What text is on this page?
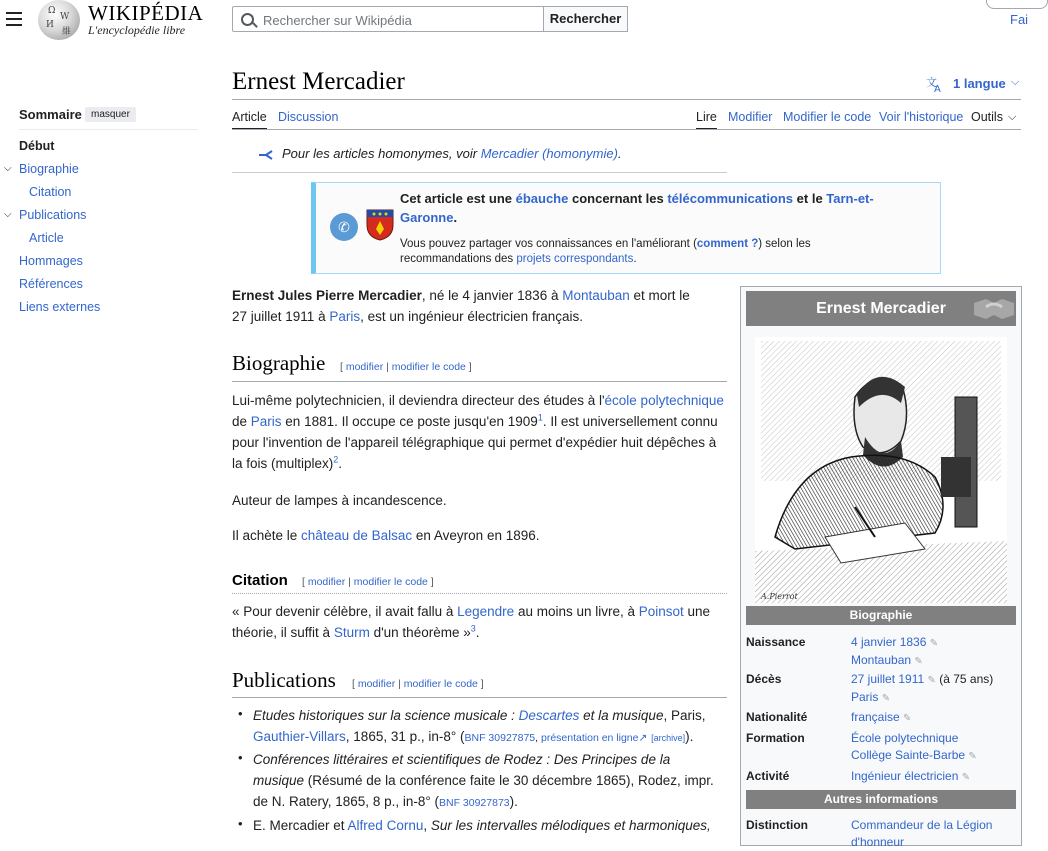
Ω
W
И
維
WIKIPÉDIA
L'encyclopédie libre
Rechercher sur Wikipédia
Rechercher	Fai
Sommaire masquer
Début
⌵ Biographie
Citation
⌵ Publications
Article
Hommages
Références
Liens externes
Ernest Mercadier	文
A 1 langue ⌵
Article Discussion	Lire Modifier Modifier le code Voir l'historique Outils ⌵
Pour les articles homonymes, voir Mercadier (homonymie).
✆
Cet article est une ébauche concernant les télécommunications et le Tarn-et-Garonne.
Vous pouvez partager vos connaissances en l'améliorant (comment ?) selon les recommandations des projets correspondants.
Ernest Jules Pierre Mercadier, né le 4 janvier 1836 à Montauban et mort le 27 juillet 1911 à Paris, est un ingénieur électricien français.
Biographie [ modifier | modifier le code ]
Lui-même polytechnicien, il deviendra directeur des études à l'école polytechnique de Paris en 1881. Il occupe ce poste jusqu'en 1909$^1$. Il est universellement connu pour l'invention de l'appareil télégraphique qui permet d'expédier huit dépêches à la fois (multiplex)$^2$.
Auteur de lampes à incandescence.
Il achète le château de Balsac en Aveyron en 1896.
Citation [ modifier | modifier le code ]
« Pour devenir célèbre, il avait fallu à Legendre au moins un livre, à Poinsot une théorie, il suffit à Sturm d'un théorème »$^3$.
Publications [ modifier | modifier le code ]
• Etudes historiques sur la science musicale : Descartes et la musique, Paris, Gauthier-Villars, 1865, 31 p., in-8° (BNF 30927875, présentation en ligne↗ [archive]).
• Conférences littéraires et scientifiques de Rodez : Des Principes de la musique (Résumé de la conférence faite le 30 décembre 1865), Rodez, impr. de N. Ratery, 1865, 8 p., in-8° (BNF 30927873).
• E. Mercadier et Alfred Cornu, Sur les intervalles mélodiques et harmoniques,
Ernest Mercadier
A.Pierrot
Biographie
Naissance	4 janvier 1836 ✎
Montauban ✎
Décès	27 juillet 1911 ✎ (à 75 ans)
Paris ✎
Nationalité	française ✎
Formation	École polytechnique
Collège Sainte-Barbe ✎
Activité	Ingénieur électricien ✎
Autres informations
Distinction	Commandeur de la Légion d'honneur
